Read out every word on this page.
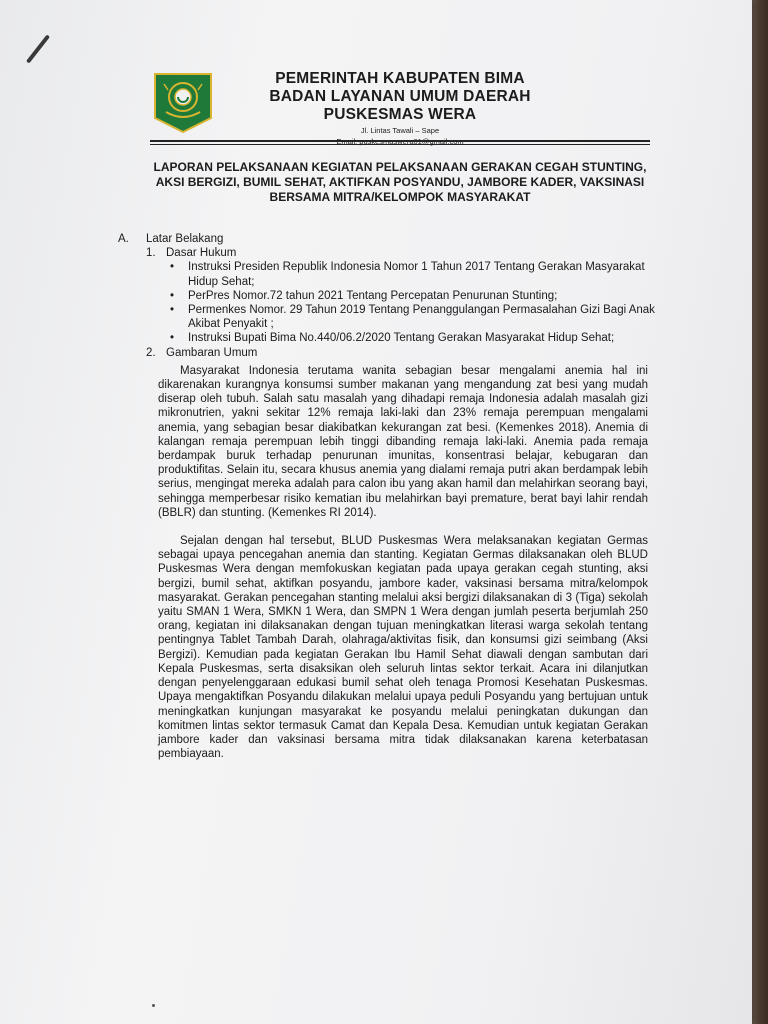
PEMERINTAH KABUPATEN BIMA
BADAN LAYANAN UMUM DAERAH
PUSKESMAS WERA
Jl. Lintas Tawali – Sape
LAPORAN PELAKSANAAN KEGIATAN PELAKSANAAN GERAKAN CEGAH STUNTING, AKSI BERGIZI, BUMIL SEHAT, AKTIFKAN POSYANDU, JAMBORE KADER, VAKSINASI BERSAMA MITRA/KELOMPOK MASYARAKAT
A.	Latar Belakang
1. Dasar Hukum
• Instruksi Presiden Republik Indonesia Nomor 1 Tahun 2017 Tentang Gerakan Masyarakat Hidup Sehat;
• PerPres Nomor.72 tahun 2021 Tentang Percepatan Penurunan Stunting;
• Permenkes Nomor. 29 Tahun 2019 Tentang Penanggulangan Permasalahan Gizi Bagi Anak Akibat Penyakit ;
• Instruksi Bupati Bima No.440/06.2/2020 Tentang Gerakan Masyarakat Hidup Sehat;
2. Gambaran Umum
Masyarakat Indonesia terutama wanita sebagian besar mengalami anemia hal ini dikarenakan kurangnya konsumsi sumber makanan yang mengandung zat besi yang mudah diserap oleh tubuh. Salah satu masalah yang dihadapi remaja Indonesia adalah masalah gizi mikronutrien, yakni sekitar 12% remaja laki-laki dan 23% remaja perempuan mengalami anemia, yang sebagian besar diakibatkan kekurangan zat besi. (Kemenkes 2018). Anemia di kalangan remaja perempuan lebih tinggi dibanding remaja laki-laki. Anemia pada remaja berdampak buruk terhadap penurunan imunitas, konsentrasi belajar, kebugaran dan produktifitas. Selain itu, secara khusus anemia yang dialami remaja putri akan berdampak lebih serius, mengingat mereka adalah para calon ibu yang akan hamil dan melahirkan seorang bayi, sehingga memperbesar risiko kematian ibu melahirkan bayi premature, berat bayi lahir rendah (BBLR) dan stunting. (Kemenkes RI 2014).
Sejalan dengan hal tersebut, BLUD Puskesmas Wera melaksanakan kegiatan Germas sebagai upaya pencegahan anemia dan stanting. Kegiatan Germas dilaksanakan oleh BLUD Puskesmas Wera dengan memfokuskan kegiatan pada upaya gerakan cegah stunting, aksi bergizi, bumil sehat, aktifkan posyandu, jambore kader, vaksinasi bersama mitra/kelompok masyarakat. Gerakan pencegahan stanting melalui aksi bergizi dilaksanakan di 3 (Tiga) sekolah yaitu SMAN 1 Wera, SMKN 1 Wera, dan SMPN 1 Wera dengan jumlah peserta berjumlah 250 orang, kegiatan ini dilaksanakan dengan tujuan meningkatkan literasi warga sekolah tentang pentingnya Tablet Tambah Darah, olahraga/aktivitas fisik, dan konsumsi gizi seimbang (Aksi Bergizi). Kemudian pada kegiatan Gerakan Ibu Hamil Sehat diawali dengan sambutan dari Kepala Puskesmas, serta disaksikan oleh seluruh lintas sektor terkait. Acara ini dilanjutkan dengan penyelenggaraan edukasi bumil sehat oleh tenaga Promosi Kesehatan Puskesmas. Upaya mengaktifkan Posyandu dilakukan melalui upaya peduli Posyandu yang bertujuan untuk meningkatkan kunjungan masyarakat ke posyandu melalui peningkatan dukungan dan komitmen lintas sektor termasuk Camat dan Kepala Desa. Kemudian untuk kegiatan Gerakan jambore kader dan vaksinasi bersama mitra tidak dilaksanakan karena keterbatasan pembiayaan.
